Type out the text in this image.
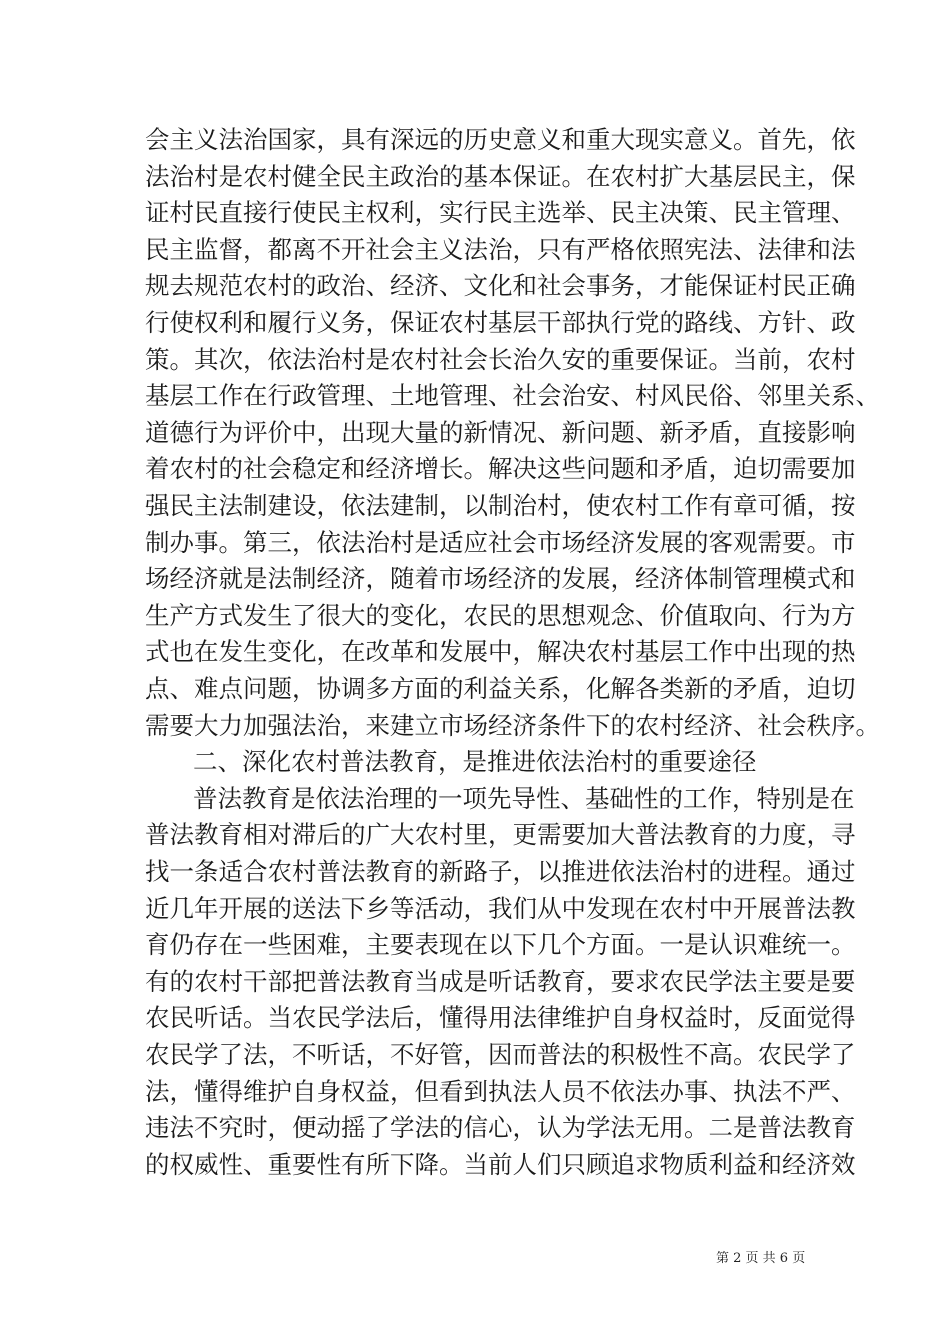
会主义法治国家，具有深远的历史意义和重大现实意义。首先，依
法治村是农村健全民主政治的基本保证。在农村扩大基层民主，保
证村民直接行使民主权利，实行民主选举、民主决策、民主管理、
民主监督，都离不开社会主义法治，只有严格依照宪法、法律和法
规去规范农村的政治、经济、文化和社会事务，才能保证村民正确
行使权利和履行义务，保证农村基层干部执行党的路线、方针、政
策。其次，依法治村是农村社会长治久安的重要保证。当前，农村
基层工作在行政管理、土地管理、社会治安、村风民俗、邻里关系、
道德行为评价中，出现大量的新情况、新问题、新矛盾，直接影响
着农村的社会稳定和经济增长。解决这些问题和矛盾，迫切需要加
强民主法制建设，依法建制，以制治村，使农村工作有章可循，按
制办事。第三，依法治村是适应社会市场经济发展的客观需要。市
场经济就是法制经济，随着市场经济的发展，经济体制管理模式和
生产方式发生了很大的变化，农民的思想观念、价值取向、行为方
式也在发生变化，在改革和发展中，解决农村基层工作中出现的热
点、难点问题，协调多方面的利益关系，化解各类新的矛盾，迫切
需要大力加强法治，来建立市场经济条件下的农村经济、社会秩序。
二、深化农村普法教育，是推进依法治村的重要途径
普法教育是依法治理的一项先导性、基础性的工作，特别是在
普法教育相对滞后的广大农村里，更需要加大普法教育的力度，寻
找一条适合农村普法教育的新路子，以推进依法治村的进程。通过
近几年开展的送法下乡等活动，我们从中发现在农村中开展普法教
育仍存在一些困难，主要表现在以下几个方面。一是认识难统一。
有的农村干部把普法教育当成是听话教育，要求农民学法主要是要
农民听话。当农民学法后，懂得用法律维护自身权益时，反面觉得
农民学了法，不听话，不好管，因而普法的积极性不高。农民学了
法，懂得维护自身权益，但看到执法人员不依法办事、执法不严、
违法不究时，便动摇了学法的信心，认为学法无用。二是普法教育
的权威性、重要性有所下降。当前人们只顾追求物质利益和经济效
第 2 页 共 6 页
